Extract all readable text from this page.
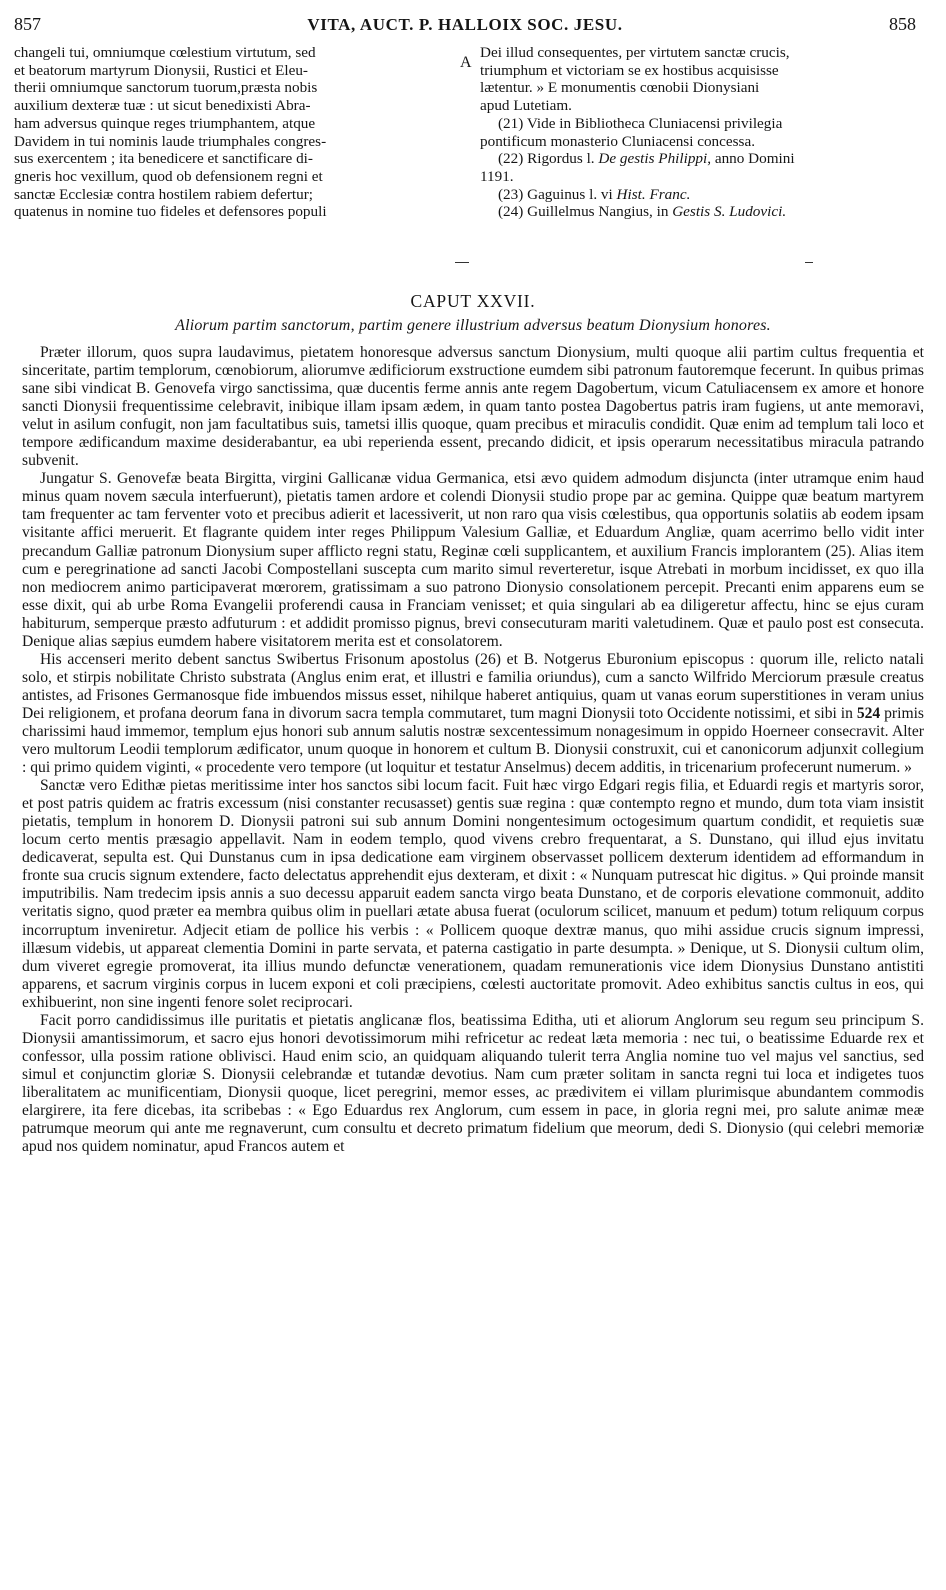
857	VITA, AUCT. P. HALLOIX SOC. JESU.	858
changeli tui, omniumque cœlestium virtutum, sed
et beatorum martyrum Dionysii, Rustici et Eleu-
therii omniumque sanctorum tuorum,præsta nobis
auxilium dexteræ tuæ : ut sicut benedixisti Abra-
ham adversus quinque reges triumphantem, atque
Davidem in tui nominis laude triumphales congres-
sus exercentem ; ita benedicere et sanctificare di-
gneris hoc vexillum, quod ob defensionem regni et
sanctæ Ecclesiæ contra hostilem rabiem defertur;
quatenus in nomine tuo fideles et defensores populi
A
Dei illud consequentes, per virtutem sanctæ crucis,
triumphum et victoriam se ex hostibus acquisisse
lætentur. » E monumentis cœnobii Dionysiani
apud Lutetiam.
(21) Vide in Bibliotheca Cluniacensi privilegia
pontificum monasterio Cluniacensi concessa.
(22) Rigordus l. De gestis Philippi, anno Domini
1191.
(23) Gaguinus l. vi Hist. Franc.
(24) Guillelmus Nangius, in Gestis S. Ludovici.
CAPUT XXVII.
Aliorum partim sanctorum, partim genere illustrium adversus beatum Dionysium honores.

Præter illorum, quos supra laudavimus, pietatem honoresque adversus sanctum Dionysium, multi quoque alii partim cultus frequentia et sinceritate, partim templorum, cœnobiorum, aliorumve ædificiorum exstructione eumdem sibi patronum fautoremque fecerunt. In quibus primas sane sibi vindicat B. Genovefa virgo sanctissima, quæ ducentis ferme annis ante regem Dagobertum, vicum Catuliacensem ex amore et honore sancti Dionysii frequentissime celebravit, inibique illam ipsam ædem, in quam tanto postea Dagobertus patris iram fugiens, ut ante memoravi, velut in asilum confugit, non jam facultatibus suis, tametsi illis quoque, quam precibus et miraculis condidit. Quæ enim ad templum tali loco et tempore ædificandum maxime desiderabantur, ea ubi reperienda essent, precando didicit, et ipsis operarum necessitatibus miracula patrando subvenit.

Jungatur S. Genovefæ beata Birgitta, virgini Gallicanæ vidua Germanica, etsi ævo quidem admodum disjuncta (inter utramque enim haud minus quam novem sæcula interfuerunt), pietatis tamen ardore et colendi Dionysii studio prope par ac gemina. Quippe quæ beatum martyrem tam frequenter ac tam ferventer voto et precibus adierit et lacessiverit, ut non raro qua visis cœlestibus, qua opportunis solatiis ab eodem ipsam visitante affici meruerit. Et flagrante quidem inter reges Philippum Valesium Galliæ, et Eduardum Angliæ, quam acerrimo bello vidit inter precandum Galliæ patronum Dionysium super afflicto regni statu, Reginæ cœli supplicantem, et auxilium Francis implorantem (25). Alias item cum e peregrinatione ad sancti Jacobi Compostellani suscepta cum marito simul reverteretur, isque Atrebati in morbum incidisset, ex quo illa non mediocrem animo participaverat mœrorem, gratissimam a suo patrono Dionysio consolationem percepit. Precanti enim apparens eum se esse dixit, qui ab urbe Roma Evangelii proferendi causa in Franciam venisset; et quia singulari ab ea diligeretur affectu, hinc se ejus curam habiturum, semperque præsto adfuturum : et addidit promisso pignus, brevi consecuturam mariti valetudinem. Quæ et paulo post est consecuta. Denique alias sæpius eumdem habere visitatorem merita est et consolatorem.

His accenseri merito debent sanctus Swibertus Frisonum apostolus (26) et B. Notgerus Eburonium episcopus : quorum ille, relicto natali solo, et stirpis nobilitate Christo substrata (Anglus enim erat, et illustri e familia oriundus), cum a sancto Wilfrido Merciorum præsule creatus antistes, ad Frisones Germanosque fide imbuendos missus esset, nihilque haberet antiquius, quam ut vanas eorum superstitiones in veram unius Dei religionem, et profana deorum fana in divorum sacra templa commutaret, tum magni Dionysii toto Occidente notissimi, et sibi in 524 primis charissimi haud immemor, templum ejus honori sub annum salutis nostræ sexcentessimum nonagesimum in oppido Hoerneer consecravit. Alter vero multorum Leodii templorum ædificator, unum quoque in honorem et cultum B. Dionysii construxit, cui et canonicorum adjunxit collegium : qui primo quidem viginti, « procedente vero tempore (ut loquitur et testatur Anselmus) decem additis, in tricenarium profecerunt numerum. »

Sanctæ vero Edithæ pietas meritissime inter hos sanctos sibi locum facit. Fuit hæc virgo Edgari regis filia, et Eduardi regis et martyris soror, et post patris quidem ac fratris excessum (nisi constanter recusasset) gentis suæ regina : quæ contempto regno et mundo, dum tota viam insistit pietatis, templum in honorem D. Dionysii patroni sui sub annum Domini nongentesimum octogesimum quartum condidit, et requietis suæ locum certo mentis præsagio appellavit. Nam in eodem templo, quod vivens crebro frequentarat, a S. Dunstano, qui illud ejus invitatu dedicaverat, sepulta est. Qui Dunstanus cum in ipsa dedicatione eam virginem observasset pollicem dexterum identidem ad efformandum in fronte sua crucis signum extendere, facto delectatus apprehendit ejus dexteram, et dixit : « Nunquam putrescat hic digitus. » Qui proinde mansit imputribilis. Nam tredecim ipsis annis a suo decessu apparuit eadem sancta virgo beata Dunstano, et de corporis elevatione commonuit, addito veritatis signo, quod præter ea membra quibus olim in puellari ætate abusa fuerat (oculorum scilicet, manuum et pedum) totum reliquum corpus incorruptum inveniretur. Adjecit etiam de pollice his verbis : « Pollicem quoque dextræ manus, quo mihi assidue crucis signum impressi, illæsum videbis, ut appareat clementia Domini in parte servata, et paterna castigatio in parte desumpta. » Denique, ut S. Dionysii cultum olim, dum viveret egregie promoverat, ita illius mundo defunctæ venerationem, quadam remunerationis vice idem Dionysius Dunstano antistiti apparens, et sacrum virginis corpus in lucem exponi et coli præcipiens, cœlesti auctoritate promovit. Adeo exhibitus sanctis cultus in eos, qui exhibuerint, non sine ingenti fenore solet reciprocari.

Facit porro candidissimus ille puritatis et pietatis anglicanæ flos, beatissima Editha, uti et aliorum Anglorum seu regum seu principum S. Dionysii amantissimorum, et sacro ejus honori devotissimorum mihi refricetur ac redeat læta memoria : nec tui, o beatissime Eduarde rex et confessor, ulla possim ratione oblivisci. Haud enim scio, an quidquam aliquando tulerit terra Anglia nomine tuo vel majus vel sanctius, sed simul et conjunctim gloriæ S. Dionysii celebrandæ et tutandæ devotius. Nam cum præter solitam in sancta regni tui loca et indigetes tuos liberalitatem ac munificentiam, Dionysii quoque, licet peregrini, memor esses, ac prædivitem ei villam plurimisque abundantem commodis elargirere, ita fere dicebas, ita scribebas : « Ego Eduardus rex Anglorum, cum essem in pace, in gloria regni mei, pro salute animæ meæ patrumque meorum qui ante me regnaverunt, cum consultu et decreto primatum fidelium que meorum, dedi S. Dionysio (qui celebri memoriæ apud nos quidem nominatur, apud Francos autem et
